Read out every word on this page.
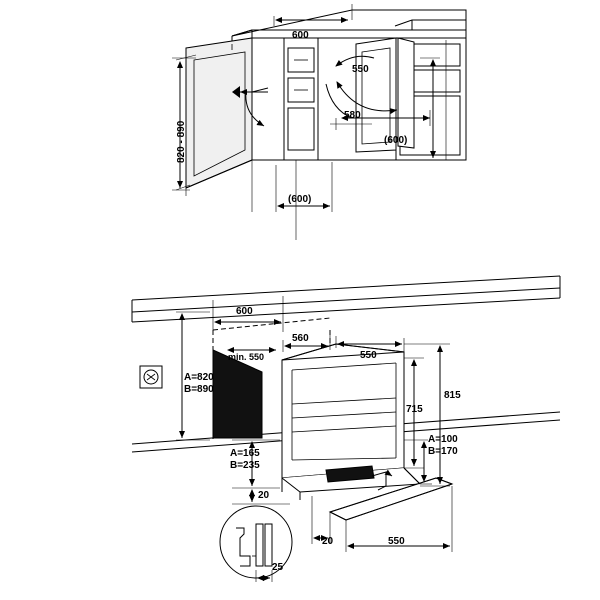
600
550
820 - 890
580
(600)
(600)
600
min. 550
560
550
A=820
B=890
A=165
B=235
20
715
815
A=100
B=170
20	550
25
